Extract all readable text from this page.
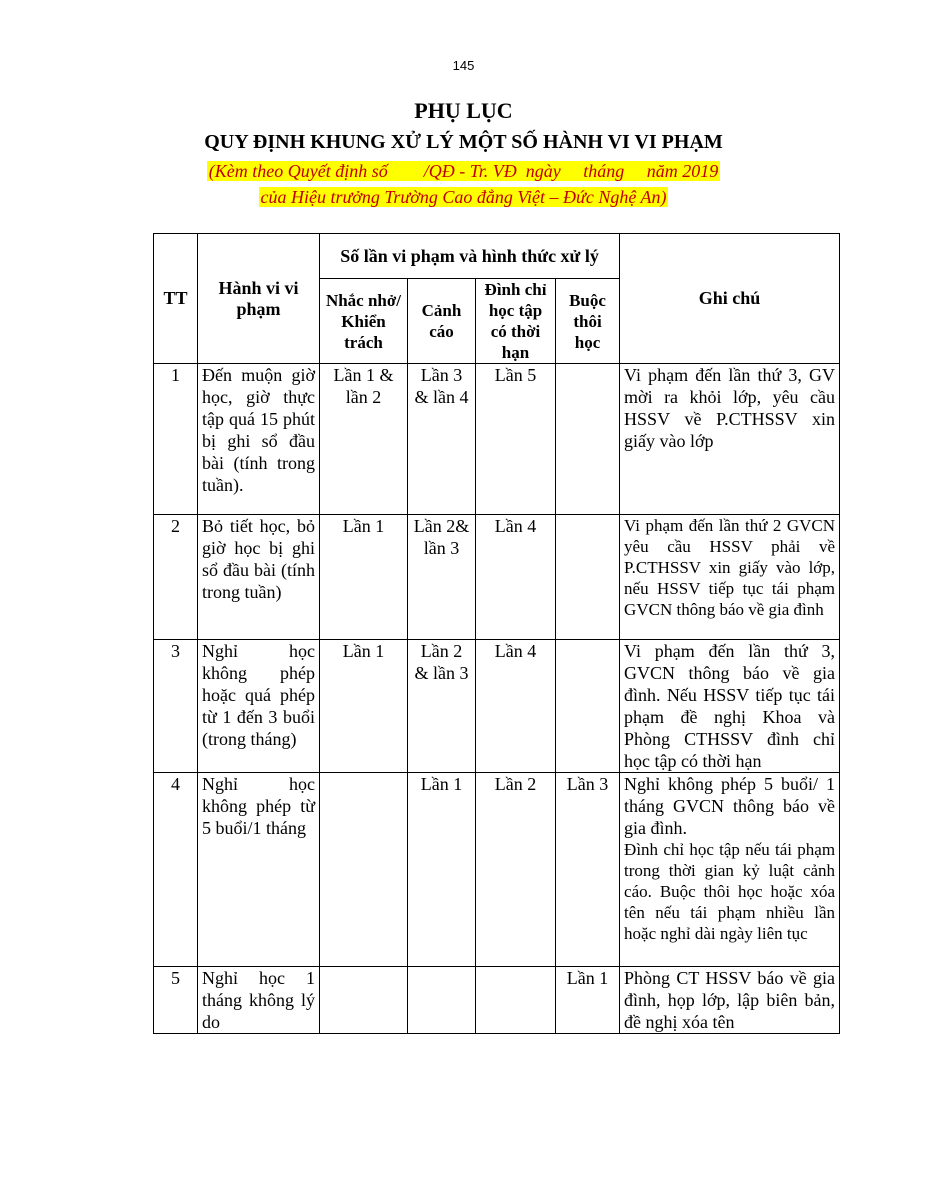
145
PHỤ LỤC
QUY ĐỊNH KHUNG XỬ LÝ MỘT SỐ HÀNH VI VI PHẠM
(Kèm theo Quyết định số        /QĐ - Tr. VĐ  ngày     tháng     năm 2019
của Hiệu trưởng Trường Cao đẳng Việt – Đức Nghệ An)
TT	Hành vi vi phạm	Số lần vi phạm và hình thức xử lý				Ghi chú
		Nhắc nhở/ Khiển trách	Cảnh cáo	Đình chỉ học tập có thời hạn	Buộc thôi học	
1	Đến muộn giờ học, giờ thực tập quá 15 phút bị ghi sổ đầu bài (tính trong tuần).	Lần 1 & lần 2	Lần 3 & lần 4	Lần 5		Vi phạm đến lần thứ 3, GV mời ra khỏi lớp, yêu cầu HSSV về P.CTHSSV xin giấy vào lớp
2	Bỏ tiết học, bỏ giờ học bị ghi sổ đầu bài (tính trong tuần)	Lần 1	Lần 2& lần 3	Lần 4		Vi phạm đến lần thứ 2 GVCN yêu cầu HSSV phải về P.CTHSSV xin giấy vào lớp, nếu HSSV tiếp tục tái phạm GVCN thông báo về gia đình
3	Nghỉ học không phép hoặc quá phép từ 1 đến 3 buổi (trong tháng)	Lần 1	Lần 2 & lần 3	Lần 4		Vi phạm đến lần thứ 3, GVCN thông báo về gia đình. Nếu HSSV tiếp tục tái phạm đề nghị Khoa và Phòng CTHSSV đình chỉ học tập có thời hạn
4	Nghỉ học không phép từ 5 buổi/1 tháng		Lần 1	Lần 2	Lần 3	Nghỉ không phép 5 buổi/ 1 tháng GVCN thông báo về gia đình.
Đình chỉ học tập nếu tái phạm trong thời gian kỷ luật cảnh cáo. Buộc thôi học hoặc xóa tên nếu tái phạm nhiều lần hoặc nghỉ dài ngày liên tục

5	Nghỉ học 1 tháng không lý do				Lần 1	Phòng CT HSSV báo về gia đình, họp lớp, lập biên bản, đề nghị xóa tên
